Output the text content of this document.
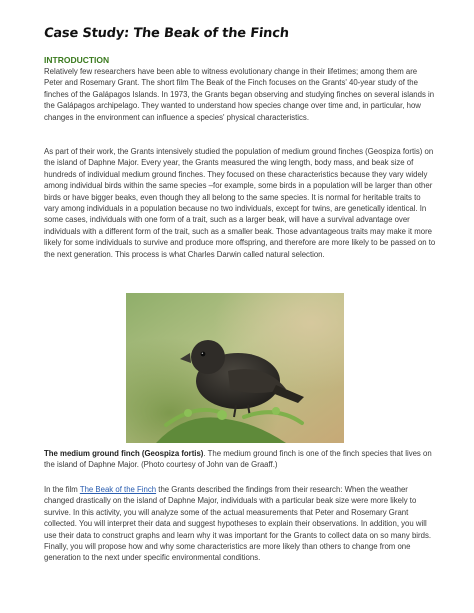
Case Study: The Beak of the Finch
INTRODUCTION

Relatively few researchers have been able to witness evolutionary change in their lifetimes; among them are Peter and Rosemary Grant. The short film The Beak of the Finch focuses on the Grants' 40-year study of the finches of the Galápagos Islands. In 1973, the Grants began observing and studying finches on several islands in the Galápagos archipelago. They wanted to understand how species change over time and, in particular, how changes in the environment can influence a species' physical characteristics.

As part of their work, the Grants intensively studied the population of medium ground finches (Geospiza fortis) on the island of Daphne Major. Every year, the Grants measured the wing length, body mass, and beak size of hundreds of individual medium ground finches. They focused on these characteristics because they vary widely among individual birds within the same species –for example, some birds in a population will be larger than other birds or have bigger beaks, even though they all belong to the same species. It is normal for heritable traits to vary among individuals in a population because no two individuals, except for twins, are genetically identical. In some cases, individuals with one form of a trait, such as a larger beak, will have a survival advantage over individuals with a different form of the trait, such as a smaller beak. Those advantageous traits may make it more likely for some individuals to survive and produce more offspring, and therefore are more likely to be passed on to the next generation. This process is what Charles Darwin called natural selection.

The medium ground finch (Geospiza fortis). The medium ground finch is one of the finch species that lives on the island of Daphne Major. (Photo courtesy of John van de Graaff.)

In the film The Beak of the Finch the Grants described the findings from their research: When the weather changed drastically on the island of Daphne Major, individuals with a particular beak size were more likely to survive. In this activity, you will analyze some of the actual measurements that Peter and Rosemary Grant collected. You will interpret their data and suggest hypotheses to explain their observations. In addition, you will use their data to construct graphs and learn why it was important for the Grants to collect data on so many birds. Finally, you will propose how and why some characteristics are more likely than others to change from one generation to the next under specific environmental conditions.
